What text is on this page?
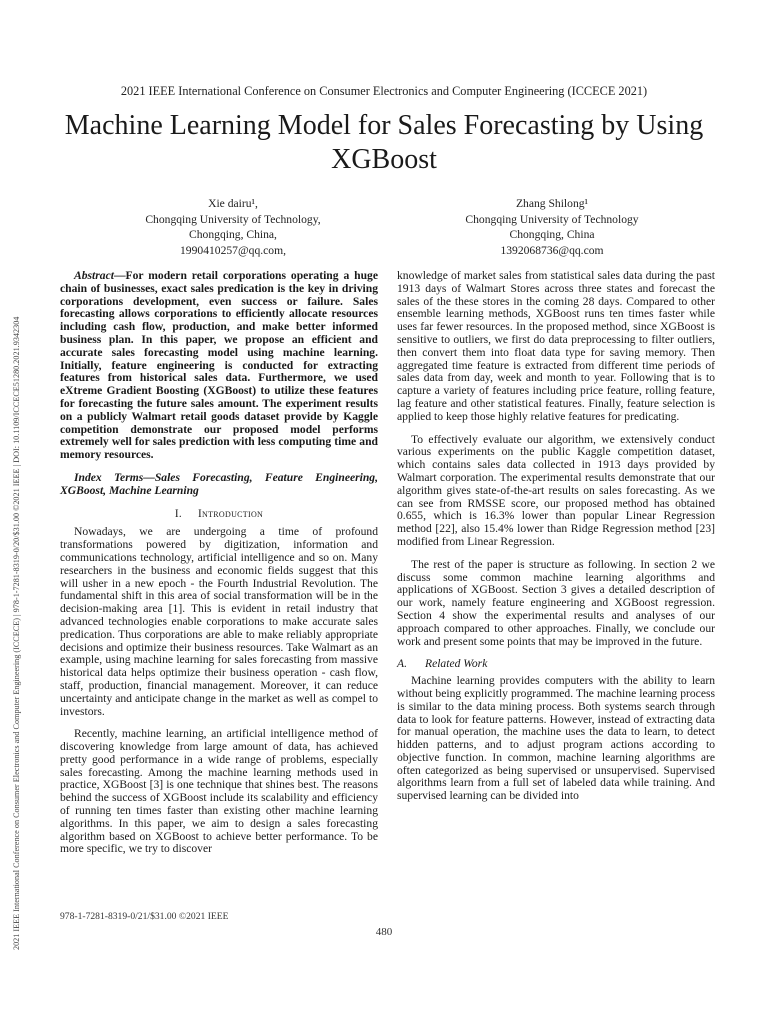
2021 IEEE International Conference on Consumer Electronics and Computer Engineering (ICCECE) | 978-1-7281-8319-0/20/$31.00 ©2021 IEEE | DOI: 10.1109/ICCECE51280.2021.9342304
2021 IEEE International Conference on Consumer Electronics and Computer Engineering (ICCECE 2021)
Machine Learning Model for Sales Forecasting by Using XGBoost
Xie dairu¹,
Chongqing University of Technology,
Chongqing, China,
1990410257@qq.com,
Zhang Shilong¹
Chongqing University of Technology
Chongqing, China
1392068736@qq.com

Abstract—For modern retail corporations operating a huge chain of businesses, exact sales predication is the key in driving corporations development, even success or failure. Sales forecasting allows corporations to efficiently allocate resources including cash flow, production, and make better informed business plan. In this paper, we propose an efficient and accurate sales forecasting model using machine learning. Initially, feature engineering is conducted for extracting features from historical sales data. Furthermore, we used eXtreme Gradient Boosting (XGBoost) to utilize these features for forecasting the future sales amount. The experiment results on a publicly Walmart retail goods dataset provide by Kaggle competition demonstrate our proposed model performs extremely well for sales prediction with less computing time and memory resources.

Index Terms—Sales Forecasting, Feature Engineering, XGBoost, Machine Learning

I. Introduction

Nowadays, we are undergoing a time of profound transformations powered by digitization, information and communications technology, artificial intelligence and so on. Many researchers in the business and economic fields suggest that this will usher in a new epoch - the Fourth Industrial Revolution. The fundamental shift in this area of social transformation will be in the decision-making area [1]. This is evident in retail industry that advanced technologies enable corporations to make accurate sales predication. Thus corporations are able to make reliably appropriate decisions and optimize their business resources. Take Walmart as an example, using machine learning for sales forecasting from massive historical data helps optimize their business operation - cash flow, staff, production, financial management. Moreover, it can reduce uncertainty and anticipate change in the market as well as compel to investors.

Recently, machine learning, an artificial intelligence method of discovering knowledge from large amount of data, has achieved pretty good performance in a wide range of problems, especially sales forecasting. Among the machine learning methods used in practice, XGBoost [3] is one technique that shines best. The reasons behind the success of XGBoost include its scalability and efficiency of running ten times faster than existing other machine learning algorithms. In this paper, we aim to design a sales forecasting algorithm based on XGBoost to achieve better performance. To be more specific, we try to discover

knowledge of market sales from statistical sales data during the past 1913 days of Walmart Stores across three states and forecast the sales of the these stores in the coming 28 days. Compared to other ensemble learning methods, XGBoost runs ten times faster while uses far fewer resources. In the proposed method, since XGBoost is sensitive to outliers, we first do data preprocessing to filter outliers, then convert them into float data type for saving memory. Then aggregated time feature is extracted from different time periods of sales data from day, week and month to year. Following that is to capture a variety of features including price feature, rolling feature, lag feature and other statistical features. Finally, feature selection is applied to keep those highly relative features for predicating.

To effectively evaluate our algorithm, we extensively conduct various experiments on the public Kaggle competition dataset, which contains sales data collected in 1913 days provided by Walmart corporation. The experimental results demonstrate that our algorithm gives state-of-the-art results on sales forecasting. As we can see from RMSSE score, our proposed method has obtained 0.655, which is 16.3% lower than popular Linear Regression method [22], also 15.4% lower than Ridge Regression method [23] modified from Linear Regression.

The rest of the paper is structure as following. In section 2 we discuss some common machine learning algorithms and applications of XGBoost. Section 3 gives a detailed description of our work, namely feature engineering and XGBoost regression. Section 4 show the experimental results and analyses of our approach compared to other approaches. Finally, we conclude our work and present some points that may be improved in the future.

A. Related Work

Machine learning provides computers with the ability to learn without being explicitly programmed. The machine learning process is similar to the data mining process. Both systems search through data to look for feature patterns. However, instead of extracting data for manual operation, the machine uses the data to learn, to detect hidden patterns, and to adjust program actions according to objective function. In common, machine learning algorithms are often categorized as being supervised or unsupervised. Supervised algorithms learn from a full set of labeled data while training. And supervised learning can be divided into

978-1-7281-8319-0/21/$31.00 ©2021 IEEE
480
